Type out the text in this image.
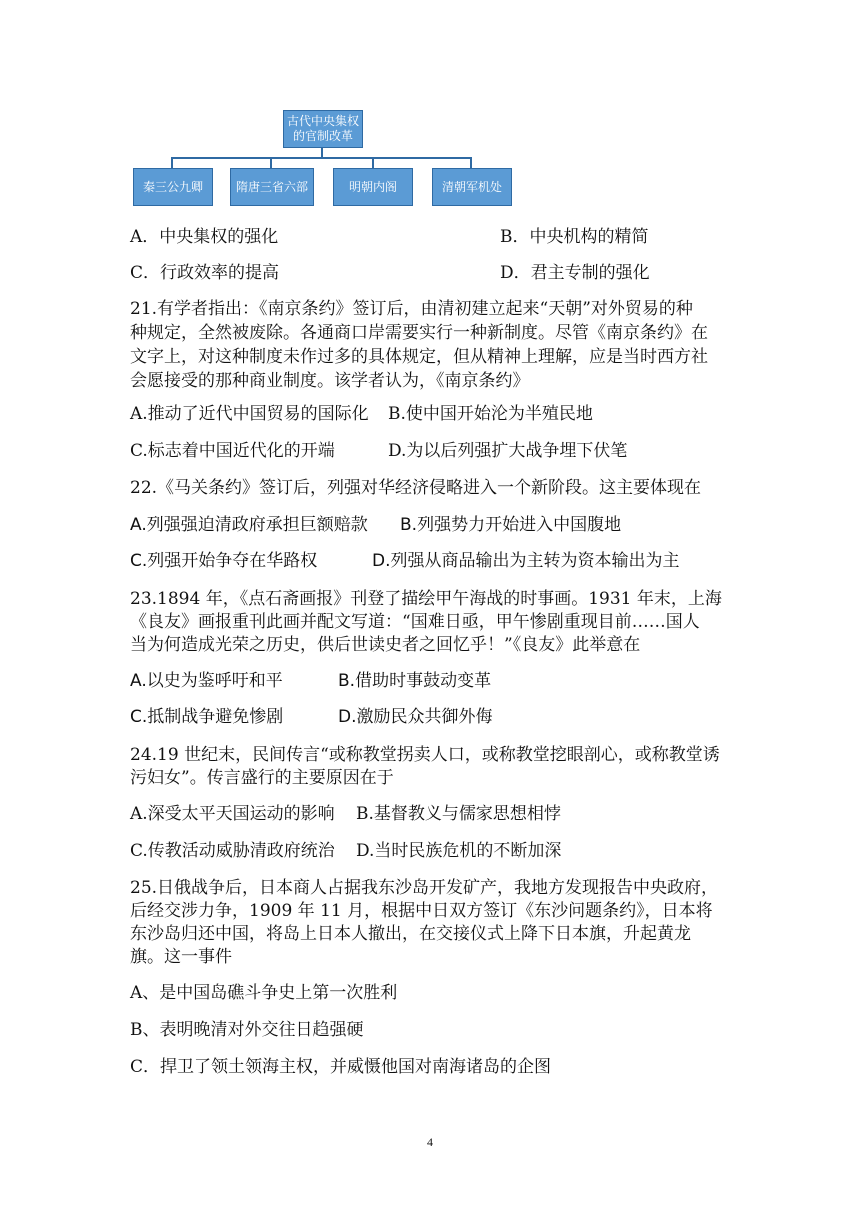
古代中央集权
的官制改革
秦三公九卿	隋唐三省六部	明朝内阁	清朝军机处
A．中央集权的强化	B．中央机构的精简
C．行政效率的提高	D．君主专制的强化
21.有学者指出：《南京条约》签订后，由清初建立起来“天朝”对外贸易的种
种规定，全然被废除。各通商口岸需要实行一种新制度。尽管《南京条约》在
文字上，对这种制度未作过多的具体规定，但从精神上理解，应是当时西方社
会愿接受的那种商业制度。该学者认为，《南京条约》
A.推动了近代中国贸易的国际化 B.使中国开始沦为半殖民地
C.标志着中国近代化的开端	D.为以后列强扩大战争埋下伏笔
22.《马关条约》签订后，列强对华经济侵略进入一个新阶段。这主要体现在
A.列强强迫清政府承担巨额赔款 B.列强势力开始进入中国腹地
C.列强开始争夺在华路权	D.列强从商品输出为主转为资本输出为主
23.1894 年，《点石斋画报》刊登了描绘甲午海战的时事画。1931 年末，上海
《良友》画报重刊此画并配文写道：“国难日亟，甲午惨剧重现目前……国人
当为何造成光荣之历史，供后世读史者之回忆乎！”《良友》此举意在
A.以史为鉴呼吁和平	B.借助时事鼓动变革
C.抵制战争避免惨剧	D.激励民众共御外侮
24.19 世纪末，民间传言“或称教堂拐卖人口，或称教堂挖眼剖心，或称教堂诱
污妇女”。传言盛行的主要原因在于
A.深受太平天国运动的影响 B.基督教义与儒家思想相悖
C.传教活动威胁清政府统治 D.当时民族危机的不断加深
25.日俄战争后，日本商人占据我东沙岛开发矿产，我地方发现报告中央政府，
后经交涉力争，1909 年 11 月，根据中日双方签订《东沙问题条约》，日本将
东沙岛归还中国，将岛上日本人撤出，在交接仪式上降下日本旗，升起黄龙
旗。这一事件
A、是中国岛礁斗争史上第一次胜利
B、表明晚清对外交往日趋强硬
C．捍卫了领土领海主权，并威慑他国对南海诸岛的企图
4
